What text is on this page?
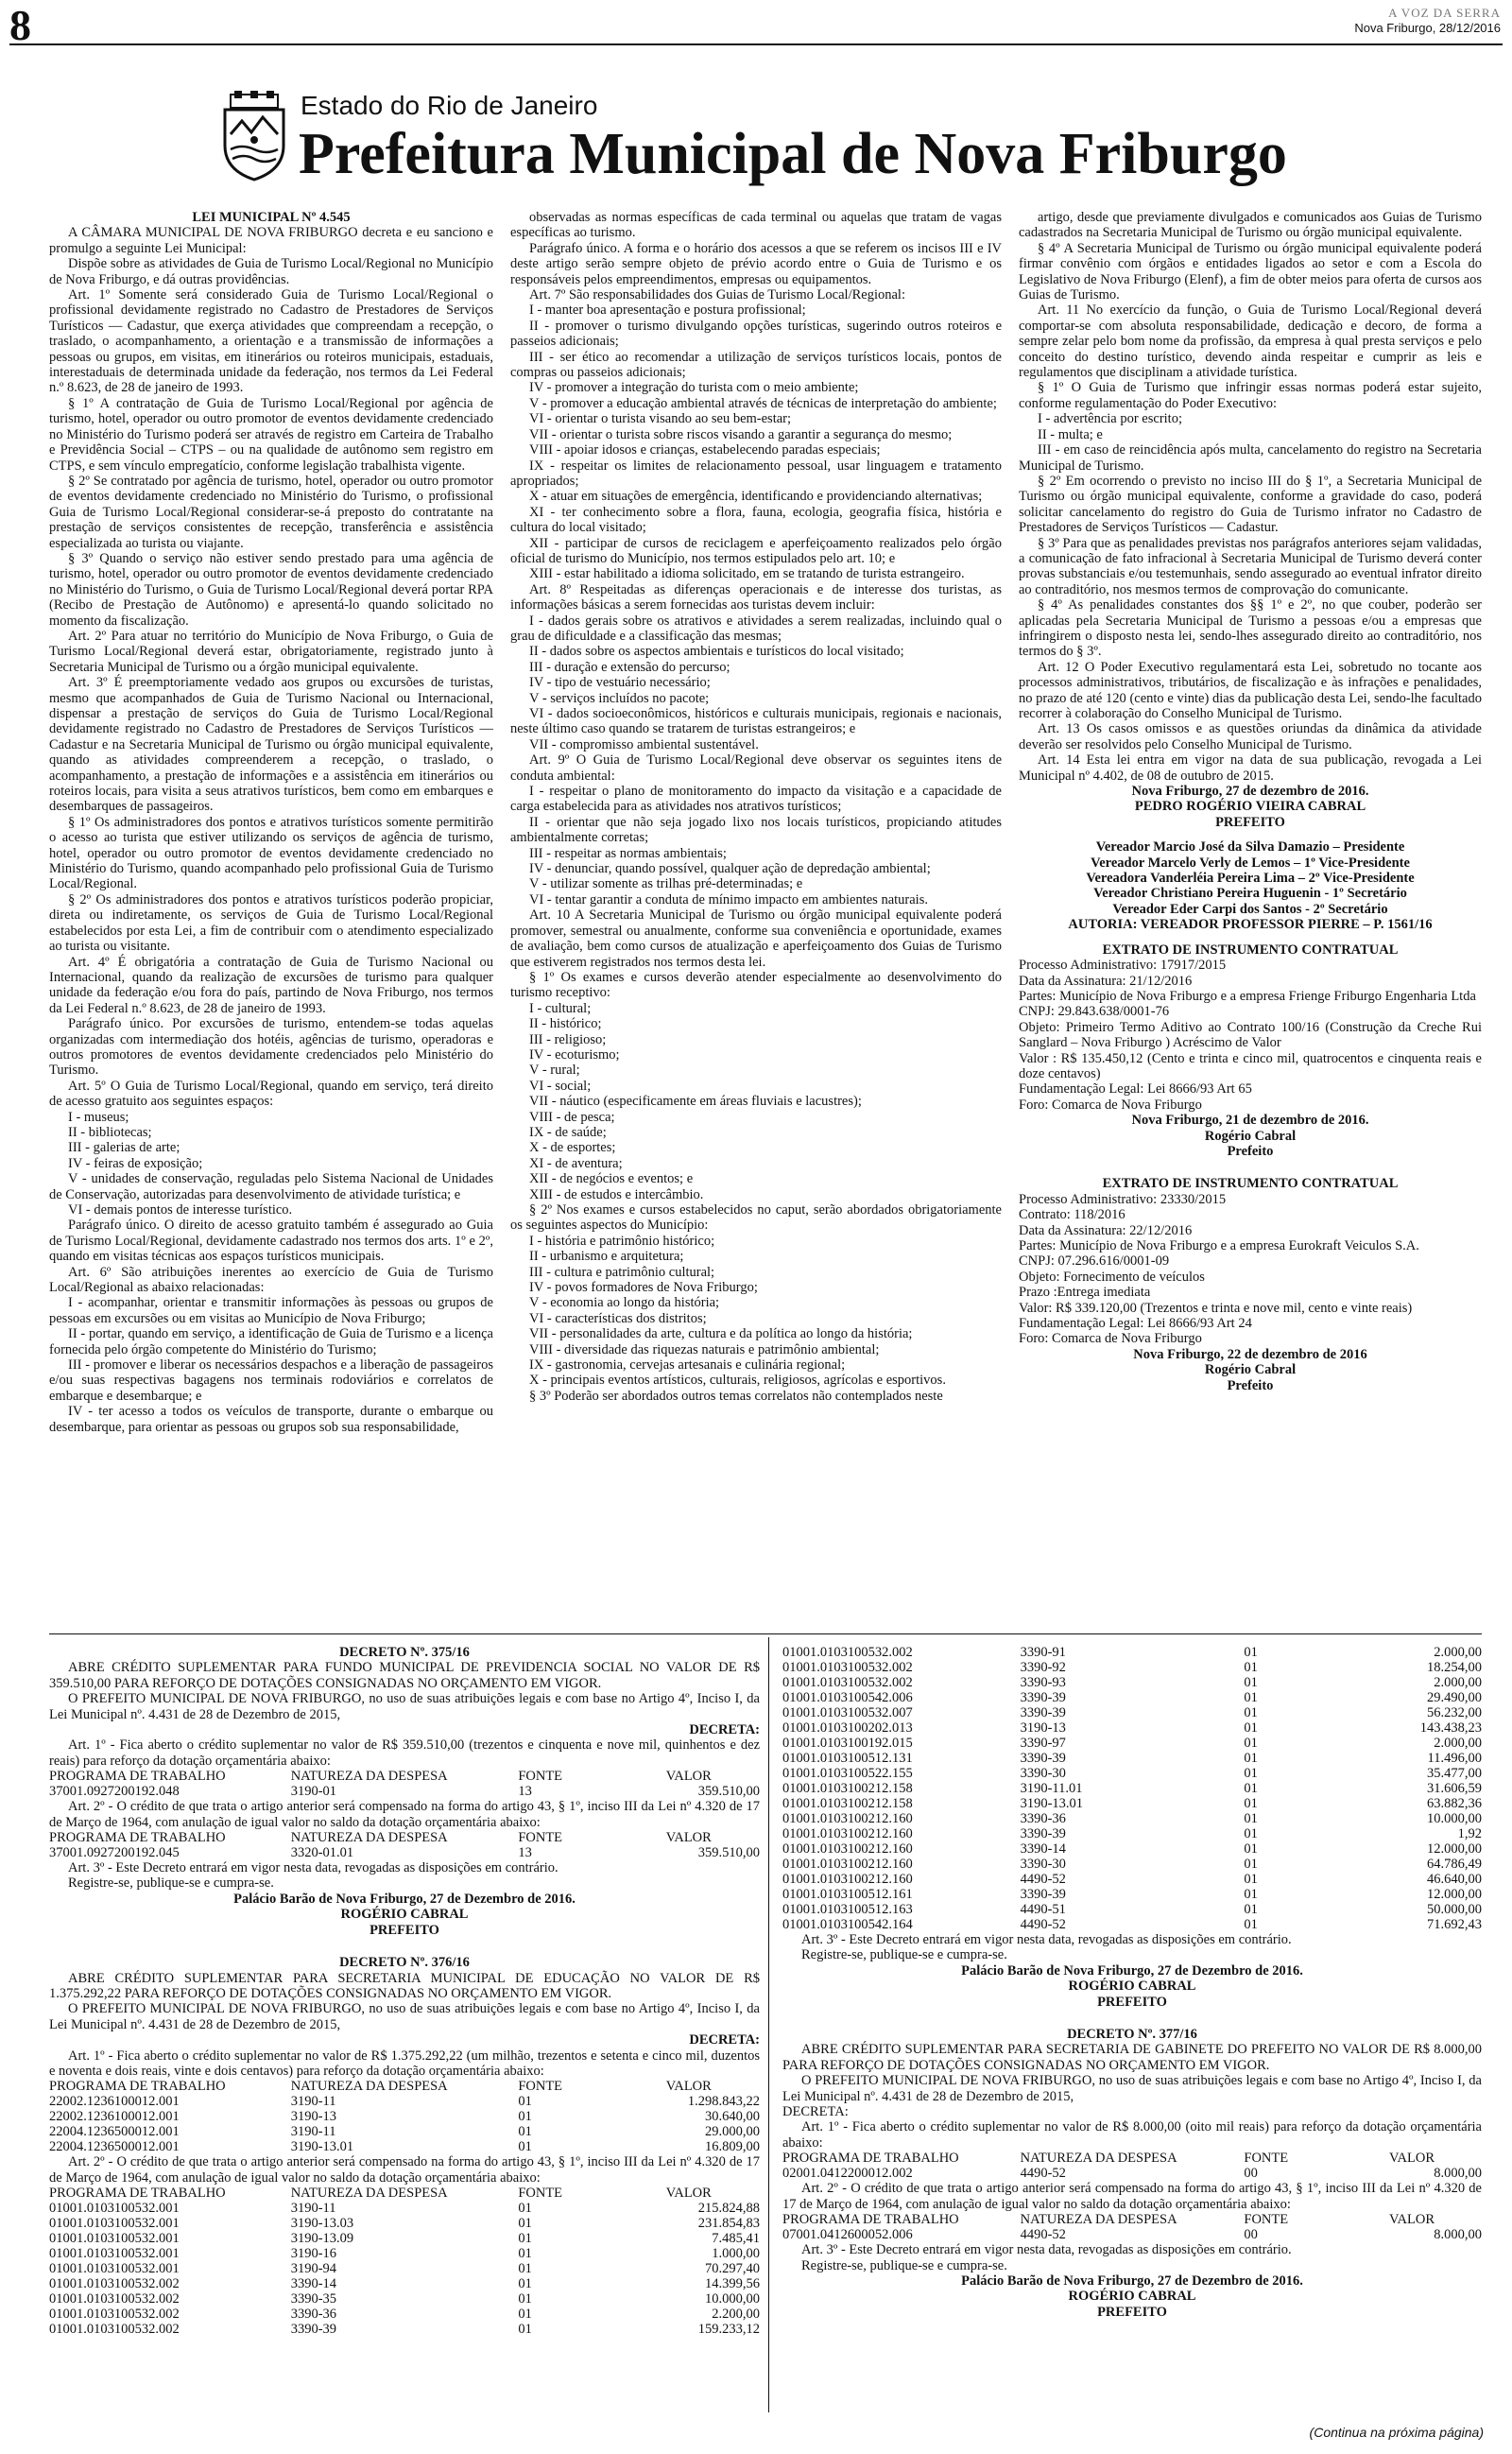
8	A VOZ DA SERRA
Nova Friburgo, 28/12/2016
Estado do Rio de Janeiro
Prefeitura Municipal de Nova Friburgo

LEI MUNICIPAL Nº 4.545

A CÂMARA MUNICIPAL DE NOVA FRIBURGO decreta e eu sanciono e promulgo a seguinte Lei Municipal:

Dispõe sobre as atividades de Guia de Turismo Local/Regional no Município de Nova Friburgo, e dá outras providências.

Art. 1º Somente será considerado Guia de Turismo Local/Regional o profissional devidamente registrado no Cadastro de Prestadores de Serviços Turísticos — Cadastur, que exerça atividades que compreendam a recepção, o traslado, o acompanhamento, a orientação e a transmissão de informações a pessoas ou grupos, em visitas, em itinerários ou roteiros municipais, estaduais, interestaduais de determinada unidade da federação, nos termos da Lei Federal n.º 8.623, de 28 de janeiro de 1993.

§ 1º A contratação de Guia de Turismo Local/Regional por agência de turismo, hotel, operador ou outro promotor de eventos devidamente credenciado no Ministério do Turismo poderá ser através de registro em Carteira de Trabalho e Previdência Social – CTPS – ou na qualidade de autônomo sem registro em CTPS, e sem vínculo empregatício, conforme legislação trabalhista vigente.

§ 2º Se contratado por agência de turismo, hotel, operador ou outro promotor de eventos devidamente credenciado no Ministério do Turismo, o profissional Guia de Turismo Local/Regional considerar-se-á preposto do contratante na prestação de serviços consistentes de recepção, transferência e assistência especializada ao turista ou viajante.

§ 3º Quando o serviço não estiver sendo prestado para uma agência de turismo, hotel, operador ou outro promotor de eventos devidamente credenciado no Ministério do Turismo, o Guia de Turismo Local/Regional deverá portar RPA (Recibo de Prestação de Autônomo) e apresentá-lo quando solicitado no momento da fiscalização.

Art. 2º Para atuar no território do Município de Nova Friburgo, o Guia de Turismo Local/Regional deverá estar, obrigatoriamente, registrado junto à Secretaria Municipal de Turismo ou a órgão municipal equivalente.

Art. 3º É preemptoriamente vedado aos grupos ou excursões de turistas, mesmo que acompanhados de Guia de Turismo Nacional ou Internacional, dispensar a prestação de serviços do Guia de Turismo Local/Regional devidamente registrado no Cadastro de Prestadores de Serviços Turísticos — Cadastur e na Secretaria Municipal de Turismo ou órgão municipal equivalente, quando as atividades compreenderem a recepção, o traslado, o acompanhamento, a prestação de informações e a assistência em itinerários ou roteiros locais, para visita a seus atrativos turísticos, bem como em embarques e desembarques de passageiros.

§ 1º Os administradores dos pontos e atrativos turísticos somente permitirão o acesso ao turista que estiver utilizando os serviços de agência de turismo, hotel, operador ou outro promotor de eventos devidamente credenciado no Ministério do Turismo, quando acompanhado pelo profissional Guia de Turismo Local/Regional.

§ 2º Os administradores dos pontos e atrativos turísticos poderão propiciar, direta ou indiretamente, os serviços de Guia de Turismo Local/Regional estabelecidos por esta Lei, a fim de contribuir com o atendimento especializado ao turista ou visitante.

Art. 4º É obrigatória a contratação de Guia de Turismo Nacional ou Internacional, quando da realização de excursões de turismo para qualquer unidade da federação e/ou fora do país, partindo de Nova Friburgo, nos termos da Lei Federal n.º 8.623, de 28 de janeiro de 1993.

Parágrafo único. Por excursões de turismo, entendem-se todas aquelas organizadas com intermediação dos hotéis, agências de turismo, operadoras e outros promotores de eventos devidamente credenciados pelo Ministério do Turismo.

Art. 5º O Guia de Turismo Local/Regional, quando em serviço, terá direito de acesso gratuito aos seguintes espaços:

I - museus;

II - bibliotecas;

III - galerias de arte;

IV - feiras de exposição;

V - unidades de conservação, reguladas pelo Sistema Nacional de Unidades de Conservação, autorizadas para desenvolvimento de atividade turística; e

VI - demais pontos de interesse turístico.

Parágrafo único. O direito de acesso gratuito também é assegurado ao Guia de Turismo Local/Regional, devidamente cadastrado nos termos dos arts. 1º e 2º, quando em visitas técnicas aos espaços turísticos municipais.

Art. 6º São atribuições inerentes ao exercício de Guia de Turismo Local/Regional as abaixo relacionadas:

I - acompanhar, orientar e transmitir informações às pessoas ou grupos de pessoas em excursões ou em visitas ao Município de Nova Friburgo;

II - portar, quando em serviço, a identificação de Guia de Turismo e a licença fornecida pelo órgão competente do Ministério do Turismo;

III - promover e liberar os necessários despachos e a liberação de passageiros e/ou suas respectivas bagagens nos terminais rodoviários e correlatos de embarque e desembarque; e

IV - ter acesso a todos os veículos de transporte, durante o embarque ou desembarque, para orientar as pessoas ou grupos sob sua responsabilidade,

observadas as normas específicas de cada terminal ou aquelas que tratam de vagas específicas ao turismo.

Parágrafo único. A forma e o horário dos acessos a que se referem os incisos III e IV deste artigo serão sempre objeto de prévio acordo entre o Guia de Turismo e os responsáveis pelos empreendimentos, empresas ou equipamentos.

Art. 7º São responsabilidades dos Guias de Turismo Local/Regional:

I - manter boa apresentação e postura profissional;

II - promover o turismo divulgando opções turísticas, sugerindo outros roteiros e passeios adicionais;

III - ser ético ao recomendar a utilização de serviços turísticos locais, pontos de compras ou passeios adicionais;

IV - promover a integração do turista com o meio ambiente;

V - promover a educação ambiental através de técnicas de interpretação do ambiente;

VI - orientar o turista visando ao seu bem-estar;

VII - orientar o turista sobre riscos visando a garantir a segurança do mesmo;

VIII - apoiar idosos e crianças, estabelecendo paradas especiais;

IX - respeitar os limites de relacionamento pessoal, usar linguagem e tratamento apropriados;

X - atuar em situações de emergência, identificando e providenciando alternativas;

XI - ter conhecimento sobre a flora, fauna, ecologia, geografia física, história e cultura do local visitado;

XII - participar de cursos de reciclagem e aperfeiçoamento realizados pelo órgão oficial de turismo do Município, nos termos estipulados pelo art. 10; e

XIII - estar habilitado a idioma solicitado, em se tratando de turista estrangeiro.

Art. 8º Respeitadas as diferenças operacionais e de interesse dos turistas, as informações básicas a serem fornecidas aos turistas devem incluir:

I - dados gerais sobre os atrativos e atividades a serem realizadas, incluindo qual o grau de dificuldade e a classificação das mesmas;

II - dados sobre os aspectos ambientais e turísticos do local visitado;

III - duração e extensão do percurso;

IV - tipo de vestuário necessário;

V - serviços incluídos no pacote;

VI - dados socioeconômicos, históricos e culturais municipais, regionais e nacionais, neste último caso quando se tratarem de turistas estrangeiros; e

VII - compromisso ambiental sustentável.

Art. 9º O Guia de Turismo Local/Regional deve observar os seguintes itens de conduta ambiental:

I - respeitar o plano de monitoramento do impacto da visitação e a capacidade de carga estabelecida para as atividades nos atrativos turísticos;

II - orientar que não seja jogado lixo nos locais turísticos, propiciando atitudes ambientalmente corretas;

III - respeitar as normas ambientais;

IV - denunciar, quando possível, qualquer ação de depredação ambiental;

V - utilizar somente as trilhas pré-determinadas; e

VI - tentar garantir a conduta de mínimo impacto em ambientes naturais.

Art. 10 A Secretaria Municipal de Turismo ou órgão municipal equivalente poderá promover, semestral ou anualmente, conforme sua conveniência e oportunidade, exames de avaliação, bem como cursos de atualização e aperfeiçoamento dos Guias de Turismo que estiverem registrados nos termos desta lei.

§ 1º Os exames e cursos deverão atender especialmente ao desenvolvimento do turismo receptivo:

I - cultural;

II - histórico;

III - religioso;

IV - ecoturismo;

V - rural;

VI - social;

VII - náutico (especificamente em áreas fluviais e lacustres);

VIII - de pesca;

IX - de saúde;

X - de esportes;

XI - de aventura;

XII - de negócios e eventos; e

XIII - de estudos e intercâmbio.

§ 2º Nos exames e cursos estabelecidos no caput, serão abordados obrigatoriamente os seguintes aspectos do Município:

I - história e patrimônio histórico;

II - urbanismo e arquitetura;

III - cultura e patrimônio cultural;

IV - povos formadores de Nova Friburgo;

V - economia ao longo da história;

VI - características dos distritos;

VII - personalidades da arte, cultura e da política ao longo da história;

VIII - diversidade das riquezas naturais e patrimônio ambiental;

IX - gastronomia, cervejas artesanais e culinária regional;

X - principais eventos artísticos, culturais, religiosos, agrícolas e esportivos.

§ 3º Poderão ser abordados outros temas correlatos não contemplados neste

artigo, desde que previamente divulgados e comunicados aos Guias de Turismo cadastrados na Secretaria Municipal de Turismo ou órgão municipal equivalente.

§ 4º A Secretaria Municipal de Turismo ou órgão municipal equivalente poderá firmar convênio com órgãos e entidades ligados ao setor e com a Escola do Legislativo de Nova Friburgo (Elenf), a fim de obter meios para oferta de cursos aos Guias de Turismo.

Art. 11 No exercício da função, o Guia de Turismo Local/Regional deverá comportar-se com absoluta responsabilidade, dedicação e decoro, de forma a sempre zelar pelo bom nome da profissão, da empresa à qual presta serviços e pelo conceito do destino turístico, devendo ainda respeitar e cumprir as leis e regulamentos que disciplinam a atividade turística.

§ 1º O Guia de Turismo que infringir essas normas poderá estar sujeito, conforme regulamentação do Poder Executivo:

I - advertência por escrito;

II - multa; e

III - em caso de reincidência após multa, cancelamento do registro na Secretaria Municipal de Turismo.

§ 2º Em ocorrendo o previsto no inciso III do § 1º, a Secretaria Municipal de Turismo ou órgão municipal equivalente, conforme a gravidade do caso, poderá solicitar cancelamento do registro do Guia de Turismo infrator no Cadastro de Prestadores de Serviços Turísticos — Cadastur.

§ 3º Para que as penalidades previstas nos parágrafos anteriores sejam validadas, a comunicação de fato infracional à Secretaria Municipal de Turismo deverá conter provas substanciais e/ou testemunhais, sendo assegurado ao eventual infrator direito ao contraditório, nos mesmos termos de comprovação do comunicante.

§ 4º As penalidades constantes dos §§ 1º e 2º, no que couber, poderão ser aplicadas pela Secretaria Municipal de Turismo a pessoas e/ou a empresas que infringirem o disposto nesta lei, sendo-lhes assegurado direito ao contraditório, nos termos do § 3º.

Art. 12 O Poder Executivo regulamentará esta Lei, sobretudo no tocante aos processos administrativos, tributários, de fiscalização e às infrações e penalidades, no prazo de até 120 (cento e vinte) dias da publicação desta Lei, sendo-lhe facultado recorrer à colaboração do Conselho Municipal de Turismo.

Art. 13 Os casos omissos e as questões oriundas da dinâmica da atividade deverão ser resolvidos pelo Conselho Municipal de Turismo.

Art. 14 Esta lei entra em vigor na data de sua publicação, revogada a Lei Municipal nº 4.402, de 08 de outubro de 2015.

Nova Friburgo, 27 de dezembro de 2016.

PEDRO ROGÉRIO VIEIRA CABRAL

PREFEITO

Vereador Marcio José da Silva Damazio – Presidente

Vereador Marcelo Verly de Lemos – 1º Vice-Presidente

Vereadora Vanderléia Pereira Lima – 2º Vice-Presidente

Vereador Christiano Pereira Huguenin - 1º Secretário

Vereador Eder Carpi dos Santos - 2º Secretário

AUTORIA: VEREADOR PROFESSOR PIERRE – P. 1561/16

EXTRATO DE INSTRUMENTO CONTRATUAL

Processo Administrativo: 17917/2015

Data da Assinatura: 21/12/2016

Partes: Município de Nova Friburgo e a empresa Frienge Friburgo Engenharia Ltda

CNPJ: 29.843.638/0001-76

Objeto: Primeiro Termo Aditivo ao Contrato 100/16 (Construção da Creche Rui Sanglard – Nova Friburgo ) Acréscimo de Valor

Valor : R$ 135.450,12 (Cento e trinta e cinco mil, quatrocentos e cinquenta reais e doze centavos)

Fundamentação Legal: Lei 8666/93 Art 65

Foro: Comarca de Nova Friburgo

Nova Friburgo, 21 de dezembro de 2016.

Rogério Cabral

Prefeito

EXTRATO DE INSTRUMENTO CONTRATUAL

Processo Administrativo: 23330/2015

Contrato: 118/2016

Data da Assinatura: 22/12/2016

Partes: Município de Nova Friburgo e a empresa Eurokraft Veiculos S.A.

CNPJ: 07.296.616/0001-09

Objeto: Fornecimento de veículos

Prazo :Entrega imediata

Valor: R$ 339.120,00 (Trezentos e trinta e nove mil, cento e vinte reais)

Fundamentação Legal: Lei 8666/93 Art 24

Foro: Comarca de Nova Friburgo

Nova Friburgo, 22 de dezembro de 2016

Rogério Cabral

Prefeito

DECRETO Nº. 375/16

ABRE CRÉDITO SUPLEMENTAR PARA FUNDO MUNICIPAL DE PREVIDENCIA SOCIAL NO VALOR DE R$ 359.510,00 PARA REFORÇO DE DOTAÇÕES CONSIGNADAS NO ORÇAMENTO EM VIGOR.

O PREFEITO MUNICIPAL DE NOVA FRIBURGO, no uso de suas atribuições legais e com base no Artigo 4º, Inciso I, da Lei Municipal nº. 4.431 de 28 de Dezembro de 2015,

DECRETA:

Art. 1º - Fica aberto o crédito suplementar no valor de R$ 359.510,00 (trezentos e cinquenta e nove mil, quinhentos e dez reais) para reforço da dotação orçamentária abaixo:

PROGRAMA DE TRABALHO	NATUREZA DA DESPESA	FONTE	VALOR
37001.0927200192.048	3190-01	13	359.510,00

Art. 2º - O crédito de que trata o artigo anterior será compensado na forma do artigo 43, § 1º, inciso III da Lei nº 4.320 de 17 de Março de 1964, com anulação de igual valor no saldo da dotação orçamentária abaixo:

PROGRAMA DE TRABALHO	NATUREZA DA DESPESA	FONTE	VALOR
37001.0927200192.045	3320-01.01	13	359.510,00

Art. 3º - Este Decreto entrará em vigor nesta data, revogadas as disposições em contrário.

Registre-se, publique-se e cumpra-se.

Palácio Barão de Nova Friburgo, 27 de Dezembro de 2016.

ROGÉRIO CABRAL

PREFEITO

DECRETO Nº. 376/16

ABRE CRÉDITO SUPLEMENTAR PARA SECRETARIA MUNICIPAL DE EDUCAÇÃO NO VALOR DE R$ 1.375.292,22 PARA REFORÇO DE DOTAÇÕES CONSIGNADAS NO ORÇAMENTO EM VIGOR.

O PREFEITO MUNICIPAL DE NOVA FRIBURGO, no uso de suas atribuições legais e com base no Artigo 4º, Inciso I, da Lei Municipal nº. 4.431 de 28 de Dezembro de 2015,

DECRETA:

Art. 1º - Fica aberto o crédito suplementar no valor de R$ 1.375.292,22 (um milhão, trezentos e setenta e cinco mil, duzentos e noventa e dois reais, vinte e dois centavos) para reforço da dotação orçamentária abaixo:

PROGRAMA DE TRABALHO	NATUREZA DA DESPESA	FONTE	VALOR
22002.1236100012.001	3190-11	01	1.298.843,22
22002.1236100012.001	3190-13	01	30.640,00
22004.1236500012.001	3190-11	01	29.000,00
22004.1236500012.001	3190-13.01	01	16.809,00

Art. 2º - O crédito de que trata o artigo anterior será compensado na forma do artigo 43, § 1º, inciso III da Lei nº 4.320 de 17 de Março de 1964, com anulação de igual valor no saldo da dotação orçamentária abaixo:

PROGRAMA DE TRABALHO	NATUREZA DA DESPESA	FONTE	VALOR
01001.0103100532.001	3190-11	01	215.824,88
01001.0103100532.001	3190-13.03	01	231.854,83
01001.0103100532.001	3190-13.09	01	7.485,41
01001.0103100532.001	3190-16	01	1.000,00
01001.0103100532.001	3190-94	01	70.297,40
01001.0103100532.002	3390-14	01	14.399,56
01001.0103100532.002	3390-35	01	10.000,00
01001.0103100532.002	3390-36	01	2.200,00
01001.0103100532.002	3390-39	01	159.233,12
01001.0103100532.002	3390-91	01	2.000,00
01001.0103100532.002	3390-92	01	18.254,00
01001.0103100532.002	3390-93	01	2.000,00
01001.0103100542.006	3390-39	01	29.490,00
01001.0103100532.007	3390-39	01	56.232,00
01001.0103100202.013	3190-13	01	143.438,23
01001.0103100192.015	3390-97	01	2.000,00
01001.0103100512.131	3390-39	01	11.496,00
01001.0103100522.155	3390-30	01	35.477,00
01001.0103100212.158	3190-11.01	01	31.606,59
01001.0103100212.158	3190-13.01	01	63.882,36
01001.0103100212.160	3390-36	01	10.000,00
01001.0103100212.160	3390-39	01	1,92
01001.0103100212.160	3390-14	01	12.000,00
01001.0103100212.160	3390-30	01	64.786,49
01001.0103100212.160	4490-52	01	46.640,00
01001.0103100512.161	3390-39	01	12.000,00
01001.0103100512.163	4490-51	01	50.000,00
01001.0103100542.164	4490-52	01	71.692,43

Art. 3º - Este Decreto entrará em vigor nesta data, revogadas as disposições em contrário.

Registre-se, publique-se e cumpra-se.

Palácio Barão de Nova Friburgo, 27 de Dezembro de 2016.

ROGÉRIO CABRAL

PREFEITO

DECRETO Nº. 377/16

ABRE CRÉDITO SUPLEMENTAR PARA SECRETARIA DE GABINETE DO PREFEITO NO VALOR DE R$ 8.000,00 PARA REFORÇO DE DOTAÇÕES CONSIGNADAS NO ORÇAMENTO EM VIGOR.

O PREFEITO MUNICIPAL DE NOVA FRIBURGO, no uso de suas atribuições legais e com base no Artigo 4º, Inciso I, da Lei Municipal nº. 4.431 de 28 de Dezembro de 2015,

DECRETA:

Art. 1º - Fica aberto o crédito suplementar no valor de R$ 8.000,00 (oito mil reais) para reforço da dotação orçamentária abaixo:

PROGRAMA DE TRABALHO	NATUREZA DA DESPESA	FONTE	VALOR
02001.0412200012.002	4490-52	00	8.000,00

Art. 2º - O crédito de que trata o artigo anterior será compensado na forma do artigo 43, § 1º, inciso III da Lei nº 4.320 de 17 de Março de 1964, com anulação de igual valor no saldo da dotação orçamentária abaixo:

PROGRAMA DE TRABALHO	NATUREZA DA DESPESA	FONTE	VALOR
07001.0412600052.006	4490-52	00	8.000,00

Art. 3º - Este Decreto entrará em vigor nesta data, revogadas as disposições em contrário.

Registre-se, publique-se e cumpra-se.

Palácio Barão de Nova Friburgo, 27 de Dezembro de 2016.

ROGÉRIO CABRAL

PREFEITO

(Continua na próxima página)
